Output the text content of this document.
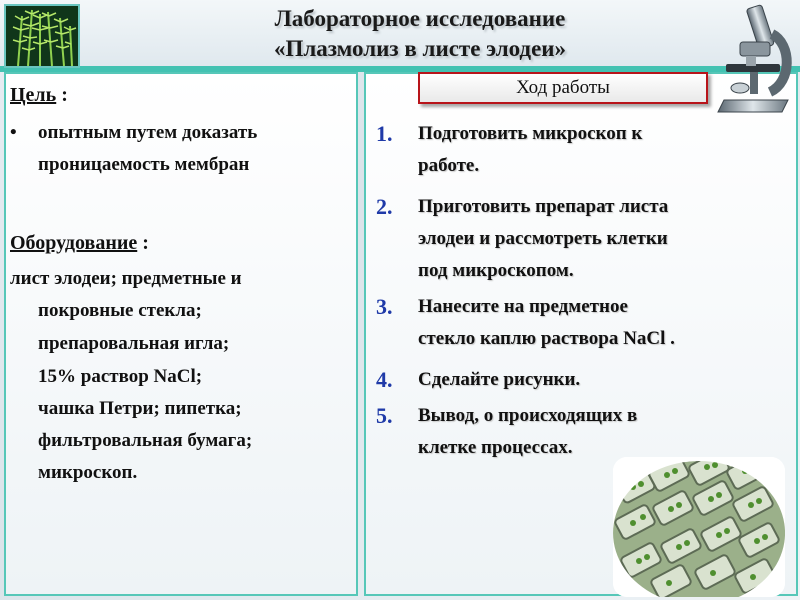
Лабораторное исследование
«Плазмолиз в листе элодеи»
Цель :
• опытным путем доказать
проницаемость мембран
Оборудование :
лист элодеи; предметные и
покровные стекла;
препаровальная игла;
15% раствор NaCl;
чашка Петри; пипетка;
фильтровальная бумага;
микроскоп.
Ход работы
1. Подготовить микроскоп к
работе.
2. Приготовить препарат листа
элодеи и рассмотреть клетки
под микроскопом.
3. Нанесите на предметное
стекло каплю раствора NaCl .
4. Сделайте рисунки.
5. Вывод, о происходящих в
клетке процессах.
